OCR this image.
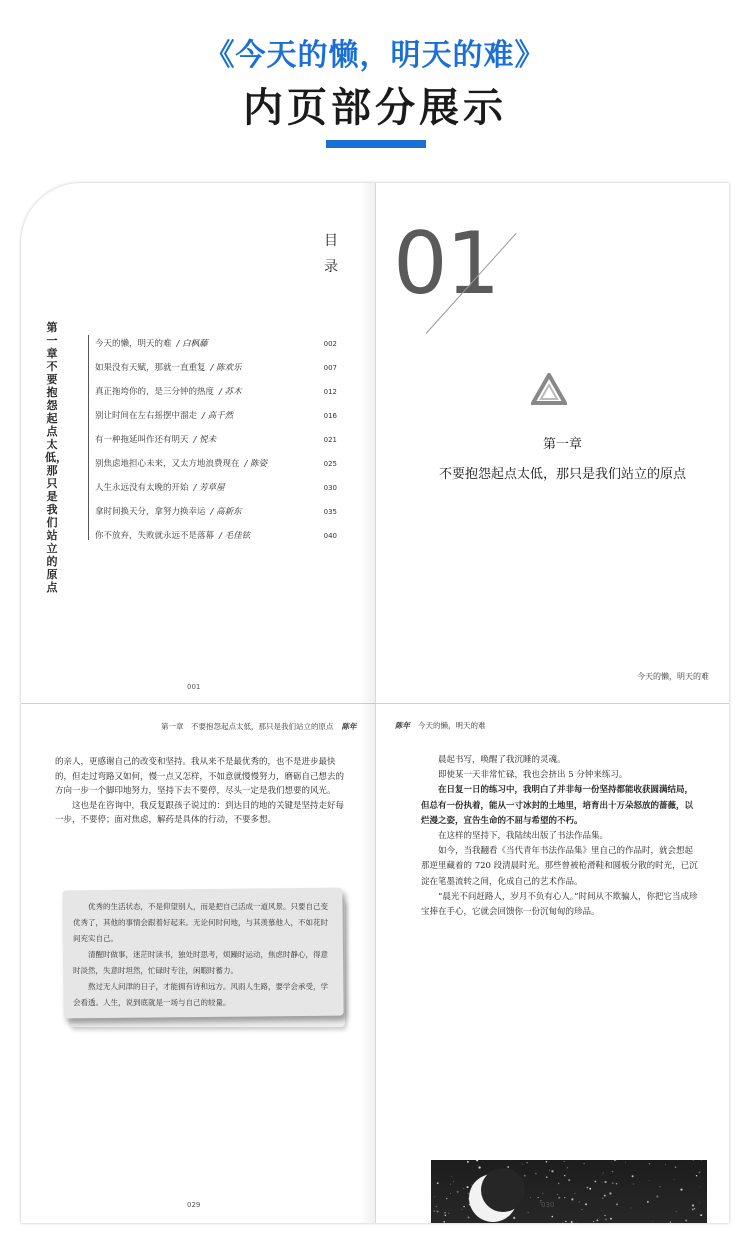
《今天的懒，明天的难》
内页部分展示
目录
第一章　不要抱怨起点太低，那只是我们站立的原点
今天的懒，明天的难 / 白枫藤	002
如果没有天赋，那就一直重复 / 陈欢乐	007
真正拖垮你的，是三分钟的热度 / 苏木	012
别让时间在左右摇摆中溜走 / 高千然	016
有一种拖延叫作还有明天 / 悦未	021
别焦虑地担心未来，又太方地浪费现在 / 陈姿	025
人生永远没有太晚的开始 / 芳草屋	030
拿时间换天分，拿努力换幸运 / 高新东	035
你不放弃，失败就永远不是落幕 / 毛佳铉	040
001
01
第一章
不要抱怨起点太低，那只是我们站立的原点
今天的懒，明天的难
第一章　不要抱怨起点太低，那只是我们站立的原点 陈年

的亲人，更感谢自己的改变和坚持。我从来不是最优秀的，也不是进步最快的，但走过弯路又如何，慢一点又怎样，不如意就慢慢努力，磨砺自己想去的方向一步一个脚印地努力，坚持下去不要停，尽头一定是我们想要的风光。

这也是在咨询中，我反复跟孩子说过的：到达目的地的关键是坚持走好每一步，不要停；面对焦虑，解药是具体的行动，不要多想。

优秀的生活状态，不是仰望别人，而是把自己活成一道风景。只要自己变优秀了，其他的事情会跟着好起来。无论何时何地，与其羡慕他人，不如花时间充实自己。

清醒时做事，迷茫时读书，独处时思考，烦躁时运动，焦虑时静心，得意时淡然，失意时坦然，忙碌时专注，闲暇时蓄力。

熬过无人问津的日子，才能拥有诗和远方。风雨人生路，要学会承受，学会看透。人生，说到底就是一场与自己的较量。

029
陈年 今天的懒，明天的难

晨起书写，唤醒了我沉睡的灵魂。

即使某一天非常忙碌，我也会挤出 5 分钟来练习。

在日复一日的练习中，我明白了并非每一份坚持都能收获圆满结局，但总有一份执着，能从一寸冰封的土地里，培育出十万朵怒放的蔷薇，以烂漫之姿，宣告生命的不屈与希望的不朽。

在这样的坚持下，我陆续出版了书法作品集。

如今，当我翻看《当代青年书法作品集》里自己的作品时，就会想起那逆里藏着的 720 段清晨时光。那些曾被枪滑鞋和圆板分散的时光，已沉淀在笔墨流转之间，化成自己的艺术作品。

“晨光不问赶路人，岁月不负有心人。”时间从不欺骗人，你把它当成珍宝捧在手心，它就会回馈你一份沉甸甸的珍品。

030
